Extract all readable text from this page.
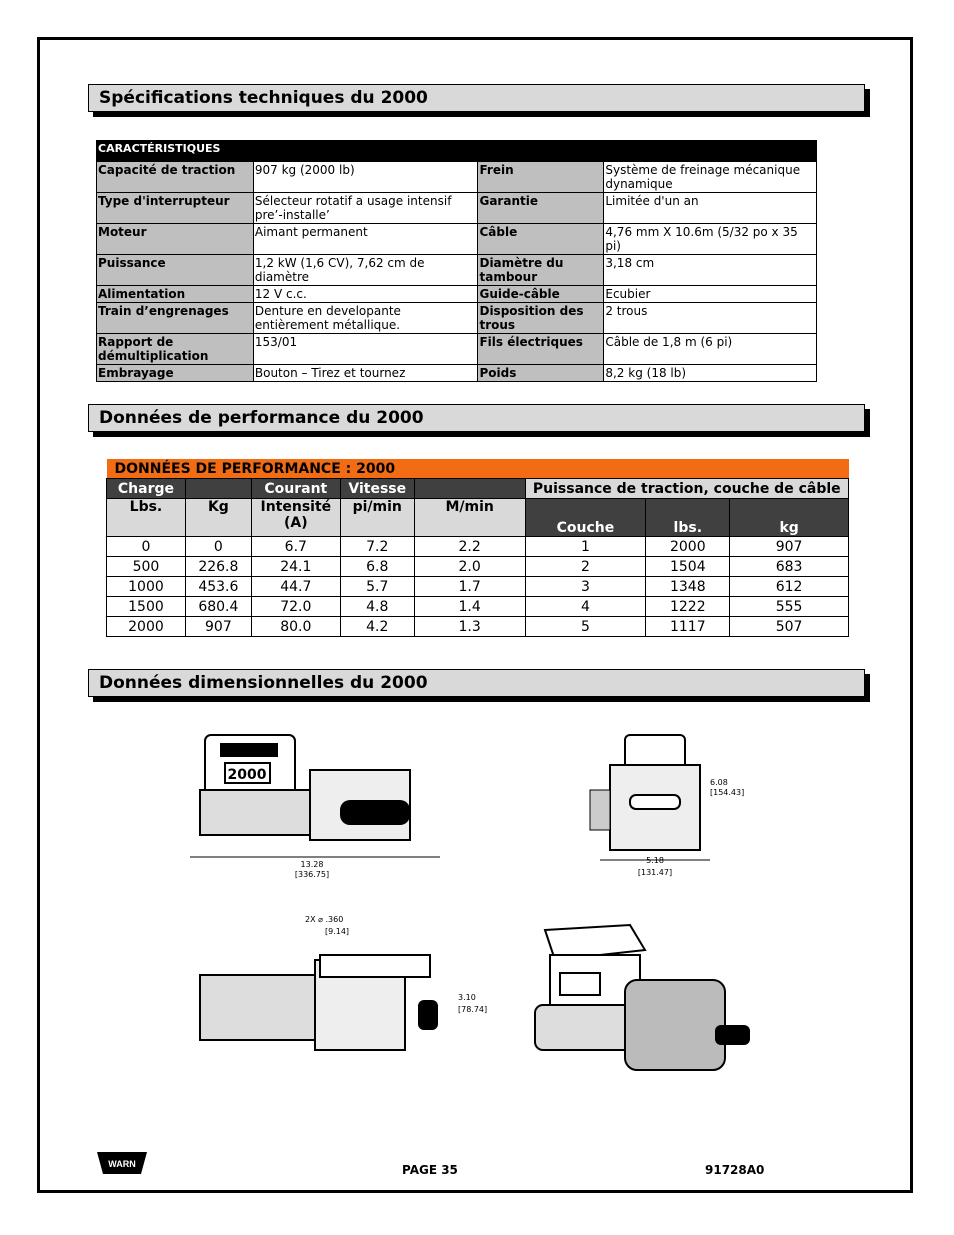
Spécifications techniques du 2000
CARACTÉRISTIQUES			
Capacité de traction	907 kg (2000 lb)	Frein	Système de freinage mécanique dynamique
Type d'interrupteur	Sélecteur rotatif a usage intensif pre’-installe’	Garantie	Limitée d'un an
Moteur	Aimant permanent	Câble	4,76 mm X 10.6m (5/32 po x 35 pi)
Puissance	1,2 kW (1,6 CV), 7,62 cm de diamètre	Diamètre du tambour	3,18 cm
Alimentation	12 V c.c.	Guide-câble	Ecubier
Train d’engrenages	Denture en developante entièrement métallique.	Disposition des trous	2 trous
Rapport de démultiplication	153/01	Fils électriques	Câble de 1,8 m (6 pi)
Embrayage	Bouton – Tirez et tournez	Poids	8,2 kg (18 lb)
Données de performance du 2000
DONNÉES DE PERFORMANCE : 2000							
Charge		Courant	Vitesse		Puissance de traction, couche de câble		
Lbs.	Kg	Intensité (A)	pi/min	M/min	Couche	lbs.	kg
0	0	6.7	7.2	2.2	1	2000	907
500	226.8	24.1	6.8	2.0	2	1504	683
1000	453.6	44.7	5.7	1.7	3	1348	612
1500	680.4	72.0	4.8	1.4	4	1222	555
2000	907	80.0	4.2	1.3	5	1117	507
Données dimensionnelles du 2000
2000
13.28
[336.75]
5.18
[131.47]
6.08
[154.43]
2X ⌀ .360
[9.14]
3.10
[78.74]
WARN	PAGE 35	91728A0
